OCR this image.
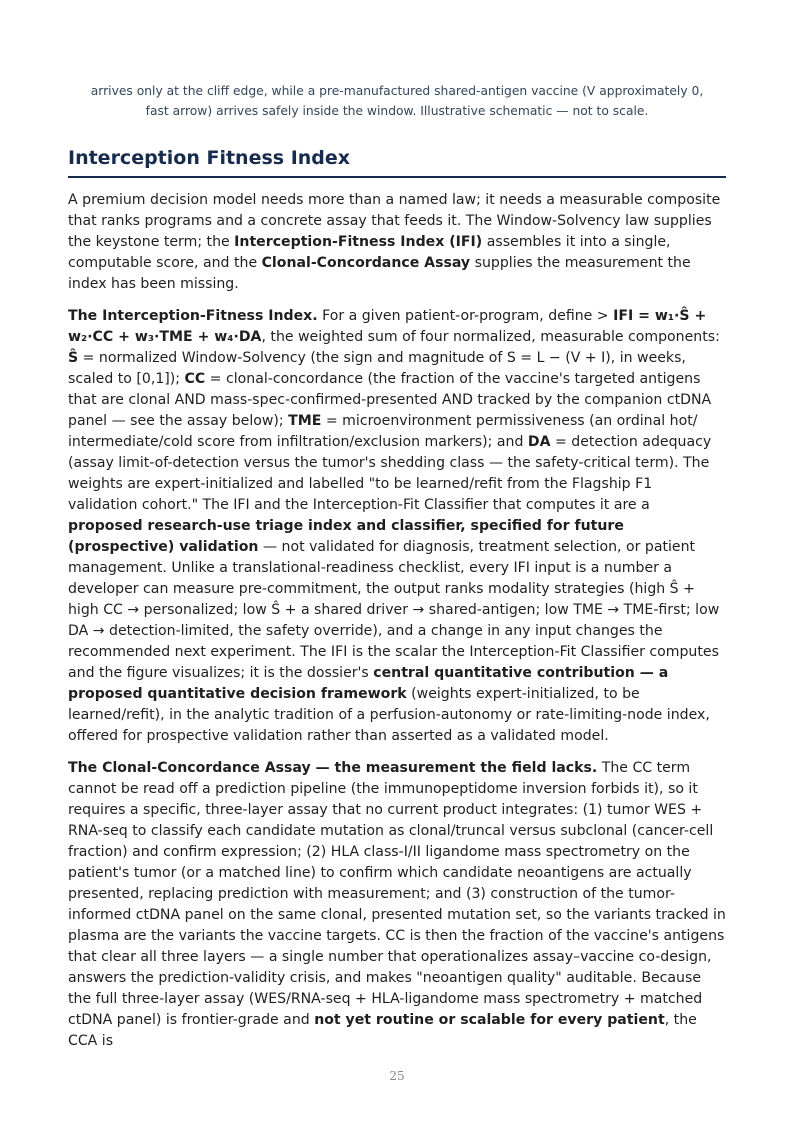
arrives only at the cliff edge, while a pre-manufactured shared-antigen vaccine (V approximately 0,

fast arrow) arrives safely inside the window. Illustrative schematic — not to scale.

Interception Fitness Index

A premium decision model needs more than a named law; it needs a measurable composite that ranks programs and a concrete assay that feeds it. The Window-Solvency law supplies the keystone term; the Interception-Fitness Index (IFI) assembles it into a single, computable score, and the Clonal-Concordance Assay supplies the measurement the index has been missing.

The Interception-Fitness Index. For a given patient-or-program, define > IFI = w₁·Ŝ + w₂·CC + w₃·TME + w₄·DA, the weighted sum of four normalized, measurable components: Ŝ = normalized Window-Solvency (the sign and magnitude of S = L − (V + I), in weeks, scaled to [0,1]); CC = clonal-concordance (the fraction of the vaccine's targeted antigens that are clonal AND mass-spec-confirmed-presented AND tracked by the companion ctDNA panel — see the assay below); TME = microenvironment permissiveness (an ordinal hot/ intermediate/cold score from infiltration/exclusion markers); and DA = detection adequacy (assay limit-of-detection versus the tumor's shedding class — the safety-critical term). The weights are expert-initialized and labelled "to be learned/refit from the Flagship F1 validation cohort." The IFI and the Interception-Fit Classifier that computes it are a proposed research-use triage index and classifier, specified for future (prospective) validation — not validated for diagnosis, treatment selection, or patient management. Unlike a translational-readiness checklist, every IFI input is a number a developer can measure pre-commitment, the output ranks modality strategies (high Ŝ + high CC → personalized; low Ŝ + a shared driver → shared-antigen; low TME → TME-first; low DA → detection-limited, the safety override), and a change in any input changes the recommended next experiment. The IFI is the scalar the Interception-Fit Classifier computes and the figure visualizes; it is the dossier's central quantitative contribution — a proposed quantitative decision framework (weights expert-initialized, to be learned/refit), in the analytic tradition of a perfusion-autonomy or rate-limiting-node index, offered for prospective validation rather than asserted as a validated model.

The Clonal-Concordance Assay — the measurement the field lacks. The CC term cannot be read off a prediction pipeline (the immunopeptidome inversion forbids it), so it requires a specific, three-layer assay that no current product integrates: (1) tumor WES + RNA-seq to classify each candidate mutation as clonal/truncal versus subclonal (cancer-cell fraction) and confirm expression; (2) HLA class-I/II ligandome mass spectrometry on the patient's tumor (or a matched line) to confirm which candidate neoantigens are actually presented, replacing prediction with measurement; and (3) construction of the tumor-informed ctDNA panel on the same clonal, presented mutation set, so the variants tracked in plasma are the variants the vaccine targets. CC is then the fraction of the vaccine's antigens that clear all three layers — a single number that operationalizes assay–vaccine co-design, answers the prediction-validity crisis, and makes "neoantigen quality" auditable. Because the full three-layer assay (WES/RNA-seq + HLA-ligandome mass spectrometry + matched ctDNA panel) is frontier-grade and not yet routine or scalable for every patient, the CCA is

25
